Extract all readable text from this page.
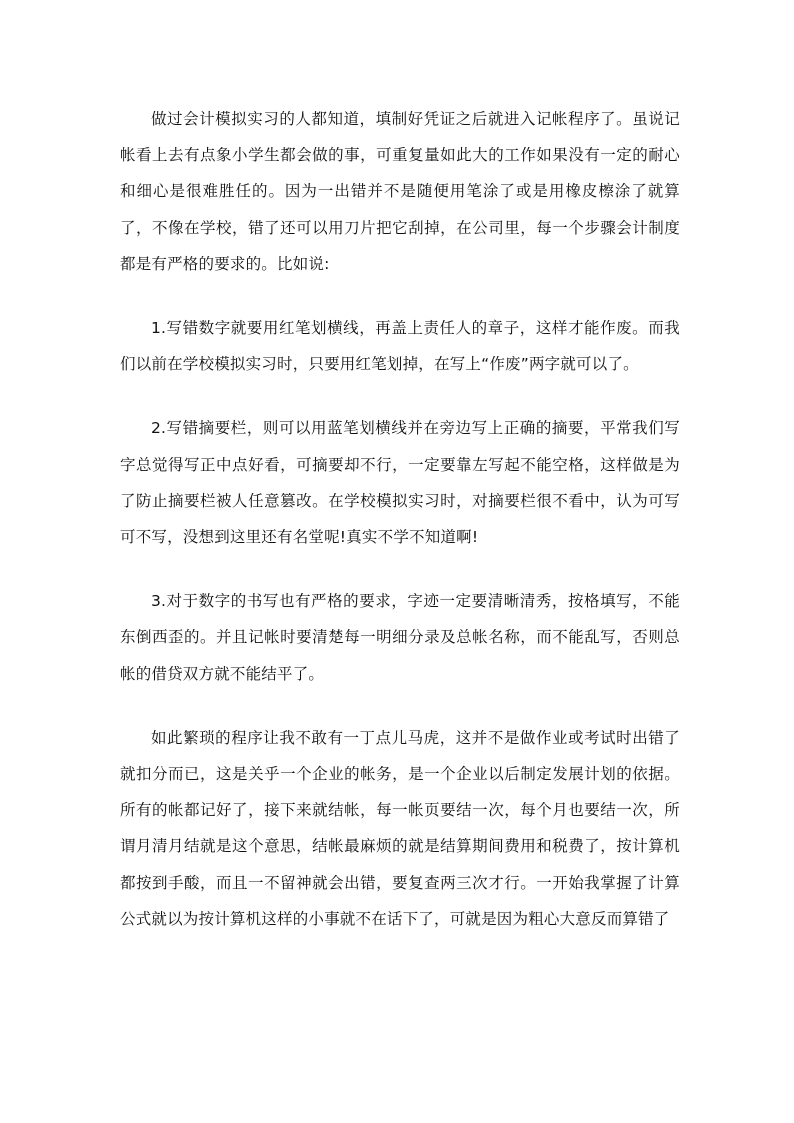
做过会计模拟实习的人都知道，填制好凭证之后就进入记帐程序了。虽说记帐看上去有点象小学生都会做的事，可重复量如此大的工作如果没有一定的耐心和细心是很难胜任的。因为一出错并不是随便用笔涂了或是用橡皮檫涂了就算了，不像在学校，错了还可以用刀片把它刮掉，在公司里，每一个步骤会计制度都是有严格的要求的。比如说:

1.写错数字就要用红笔划横线，再盖上责任人的章子，这样才能作废。而我们以前在学校模拟实习时，只要用红笔划掉，在写上“作废”两字就可以了。

2.写错摘要栏，则可以用蓝笔划横线并在旁边写上正确的摘要，平常我们写字总觉得写正中点好看，可摘要却不行，一定要靠左写起不能空格，这样做是为了防止摘要栏被人任意篡改。在学校模拟实习时，对摘要栏很不看中，认为可写可不写，没想到这里还有名堂呢!真实不学不知道啊!

3.对于数字的书写也有严格的要求，字迹一定要清晰清秀，按格填写，不能东倒西歪的。并且记帐时要清楚每一明细分录及总帐名称，而不能乱写，否则总帐的借贷双方就不能结平了。

如此繁琐的程序让我不敢有一丁点儿马虎，这并不是做作业或考试时出错了就扣分而已，这是关乎一个企业的帐务，是一个企业以后制定发展计划的依据。所有的帐都记好了，接下来就结帐，每一帐页要结一次，每个月也要结一次，所谓月清月结就是这个意思，结帐最麻烦的就是结算期间费用和税费了，按计算机都按到手酸，而且一不留神就会出错，要复查两三次才行。一开始我掌握了计算公式就以为按计算机这样的小事就不在话下了，可就是因为粗心大意反而算错了
